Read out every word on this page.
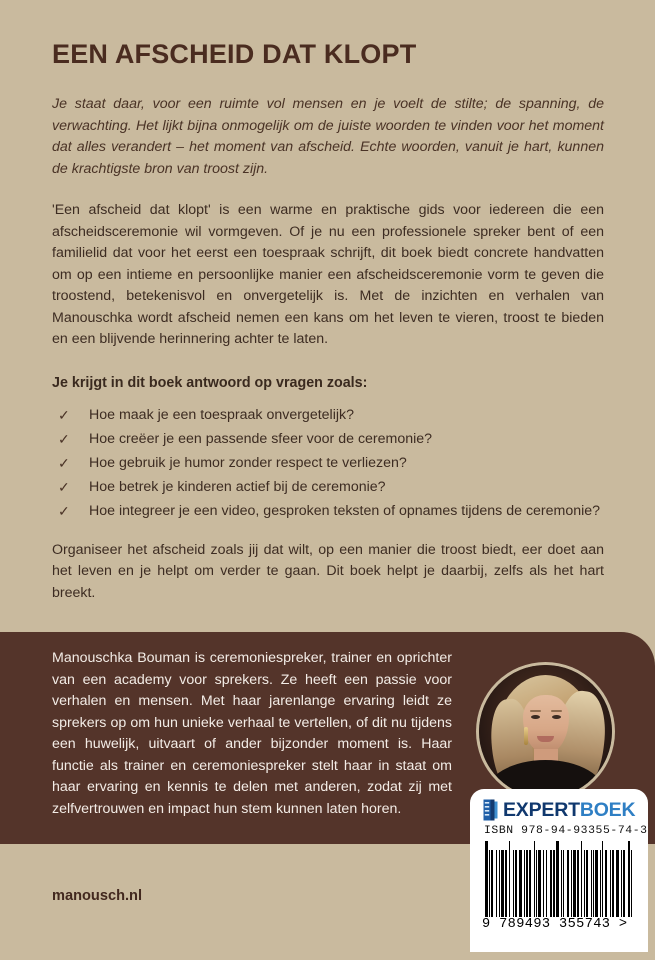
EEN AFSCHEID DAT KLOPT

Je staat daar, voor een ruimte vol mensen en je voelt de stilte; de spanning, de verwachting. Het lijkt bijna onmogelijk om de juiste woorden te vinden voor het moment dat alles verandert – het moment van afscheid. Echte woorden, vanuit je hart, kunnen de krachtigste bron van troost zijn.

'Een afscheid dat klopt' is een warme en praktische gids voor iedereen die een afscheidsceremonie wil vormgeven. Of je nu een professionele spreker bent of een familielid dat voor het eerst een toespraak schrijft, dit boek biedt concrete handvatten om op een intieme en persoonlijke manier een afscheidsceremonie vorm te geven die troostend, betekenisvol en onvergetelijk is. Met de inzichten en verhalen van Manouschka wordt afscheid nemen een kans om het leven te vieren, troost te bieden en een blijvende herinnering achter te laten.

Je krijgt in dit boek antwoord op vragen zoals:

✓ Hoe maak je een toespraak onvergetelijk?
✓ Hoe creëer je een passende sfeer voor de ceremonie?
✓ Hoe gebruik je humor zonder respect te verliezen?
✓ Hoe betrek je kinderen actief bij de ceremonie?
✓ Hoe integreer je een video, gesproken teksten of opnames tijdens de ceremonie?

Organiseer het afscheid zoals jij dat wilt, op een manier die troost biedt, eer doet aan het leven en je helpt om verder te gaan. Dit boek helpt je daarbij, zelfs als het hart breekt.

Manouschka Bouman is ceremoniespreker, trainer en oprichter van een academy voor sprekers. Ze heeft een passie voor verhalen en mensen. Met haar jarenlange ervaring leidt ze sprekers op om hun unieke verhaal te vertellen, of dit nu tijdens een huwelijk, uitvaart of ander bijzonder moment is. Haar functie als trainer en ceremoniespreker stelt haar in staat om haar ervaring en kennis te delen met anderen, zodat zij met zelfvertrouwen en impact hun stem kunnen laten horen.	EXPERTBOEK
ISBN 978-94-93355-74-3
9 789493 355743 >
manousch.nl
